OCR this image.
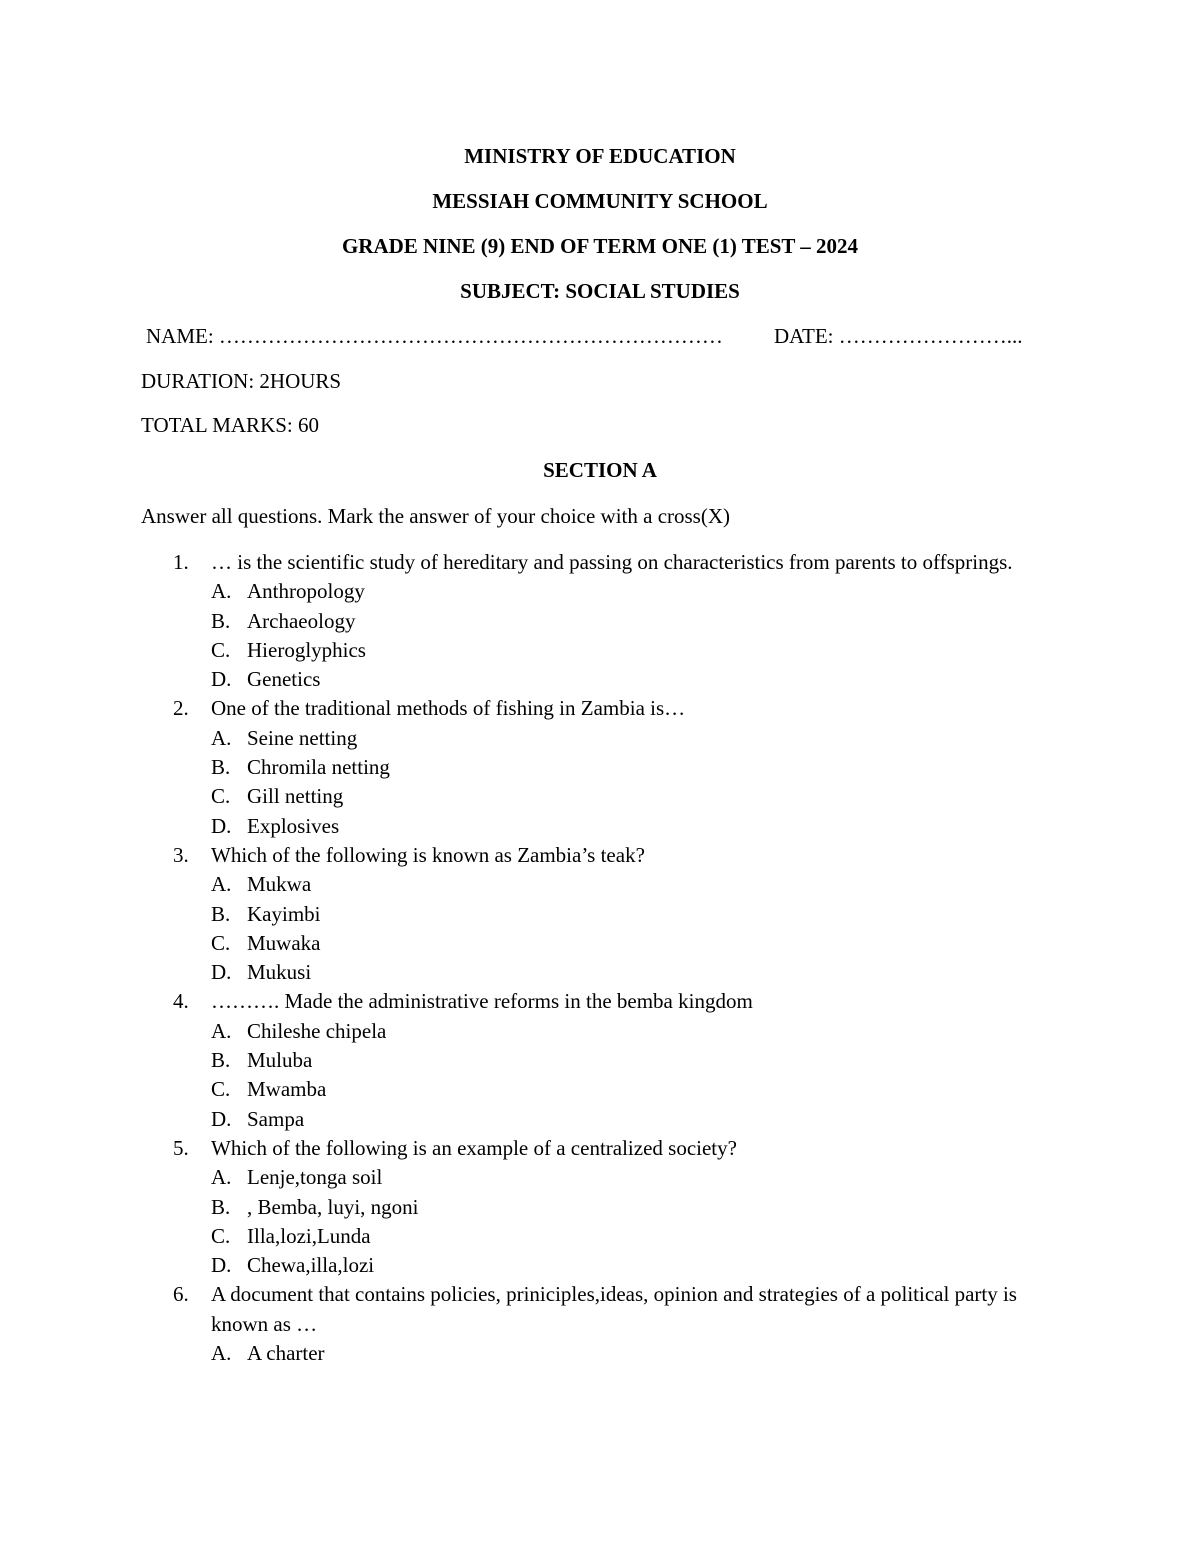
MINISTRY OF EDUCATION
MESSIAH COMMUNITY SCHOOL
GRADE NINE (9) END OF TERM ONE (1) TEST – 2024
SUBJECT: SOCIAL STUDIES
NAME: ……………………………………………………………… DATE: ……………………...
DURATION: 2HOURS
TOTAL MARKS: 60
SECTION A
Answer all questions. Mark the answer of your choice with a cross(X)
1. … is the scientific study of hereditary and passing on characteristics from parents to offsprings.
A. Anthropology
B. Archaeology
C. Hieroglyphics
D. Genetics
2. One of the traditional methods of fishing in Zambia is…
A. Seine netting
B. Chromila netting
C. Gill netting
D. Explosives
3. Which of the following is known as Zambia’s teak?
A. Mukwa
B. Kayimbi
C. Muwaka
D. Mukusi
4. ………. Made the administrative reforms in the bemba kingdom
A. Chileshe chipela
B. Muluba
C. Mwamba
D. Sampa
5. Which of the following is an example of a centralized society?
A. Lenje,tonga soil
B. , Bemba, luyi, ngoni
C. Illa,lozi,Lunda
D. Chewa,illa,lozi
6. A document that contains policies, priniciples,ideas, opinion and strategies of a political party is known as …
A. A charter
